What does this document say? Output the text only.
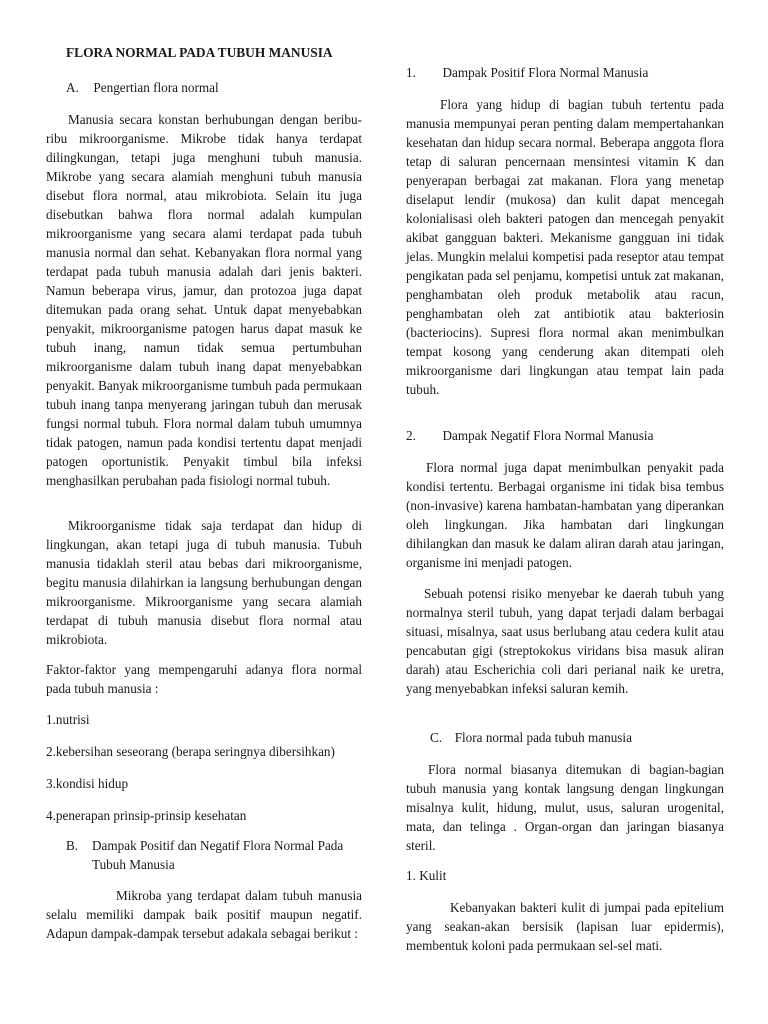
FLORA NORMAL PADA TUBUH MANUSIA
A. Pengertian flora normal

Manusia secara konstan berhubungan dengan beribu-ribu mikroorganisme. Mikrobe tidak hanya terdapat dilingkungan, tetapi juga menghuni tubuh manusia. Mikrobe yang secara alamiah menghuni tubuh manusia disebut flora normal, atau mikrobiota. Selain itu juga disebutkan bahwa flora normal adalah kumpulan mikroorganisme yang secara alami terdapat pada tubuh manusia normal dan sehat. Kebanyakan flora normal yang terdapat pada tubuh manusia adalah dari jenis bakteri. Namun beberapa virus, jamur, dan protozoa juga dapat ditemukan pada orang sehat. Untuk dapat menyebabkan penyakit, mikroorganisme patogen harus dapat masuk ke tubuh inang, namun tidak semua pertumbuhan mikroorganisme dalam tubuh inang dapat menyebabkan penyakit. Banyak mikroorganisme tumbuh pada permukaan tubuh inang tanpa menyerang jaringan tubuh dan merusak fungsi normal tubuh. Flora normal dalam tubuh umumnya tidak patogen, namun pada kondisi tertentu dapat menjadi patogen oportunistik. Penyakit timbul bila infeksi menghasilkan perubahan pada fisiologi normal tubuh.

Mikroorganisme tidak saja terdapat dan hidup di lingkungan, akan tetapi juga di tubuh manusia. Tubuh manusia tidaklah steril atau bebas dari mikroorganisme, begitu manusia dilahirkan ia langsung berhubungan dengan mikroorganisme. Mikroorganisme yang secara alamiah terdapat di tubuh manusia disebut flora normal atau mikrobiota.

Faktor-faktor yang mempengaruhi adanya flora normal pada tubuh manusia :

1.nutrisi
2.kebersihan seseorang (berapa seringnya dibersihkan)
3.kondisi hidup
4.penerapan prinsip-prinsip kesehatan
B.	Dampak Positif dan Negatif Flora Normal Pada Tubuh Manusia

Mikroba yang terdapat dalam tubuh manusia selalu memiliki dampak baik positif maupun negatif. Adapun dampak-dampak tersebut adakala sebagai berikut :

1. Dampak Positif Flora Normal Manusia

Flora yang hidup di bagian tubuh tertentu pada manusia mempunyai peran penting dalam mempertahankan kesehatan dan hidup secara normal. Beberapa anggota flora tetap di saluran pencernaan mensintesi vitamin K dan penyerapan berbagai zat makanan. Flora yang menetap diselaput lendir (mukosa) dan kulit dapat mencegah kolonialisasi oleh bakteri patogen dan mencegah penyakit akibat gangguan bakteri. Mekanisme gangguan ini tidak jelas. Mungkin melalui kompetisi pada reseptor atau tempat pengikatan pada sel penjamu, kompetisi untuk zat makanan, penghambatan oleh produk metabolik atau racun, penghambatan oleh zat antibiotik atau bakteriosin (bacteriocins). Supresi flora normal akan menimbulkan tempat kosong yang cenderung akan ditempati oleh mikroorganisme dari lingkungan atau tempat lain pada tubuh.

2. Dampak Negatif Flora Normal Manusia

Flora normal juga dapat menimbulkan penyakit pada kondisi tertentu. Berbagai organisme ini tidak bisa tembus (non-invasive) karena hambatan-hambatan yang diperankan oleh lingkungan. Jika hambatan dari lingkungan dihilangkan dan masuk ke dalam aliran darah atau jaringan, organisme ini menjadi patogen.

Sebuah potensi risiko menyebar ke daerah tubuh yang normalnya steril tubuh, yang dapat terjadi dalam berbagai situasi, misalnya, saat usus berlubang atau cedera kulit atau pencabutan gigi (streptokokus viridans bisa masuk aliran darah) atau Escherichia coli dari perianal naik ke uretra, yang menyebabkan infeksi saluran kemih.

C. Flora normal pada tubuh manusia

Flora normal biasanya ditemukan di bagian-bagian tubuh manusia yang kontak langsung dengan lingkungan misalnya kulit, hidung, mulut, usus, saluran urogenital, mata, dan telinga . Organ-organ dan jaringan biasanya steril.

1. Kulit

Kebanyakan bakteri kulit di jumpai pada epitelium yang seakan-akan bersisik (lapisan luar epidermis), membentuk koloni pada permukaan sel-sel mati.
